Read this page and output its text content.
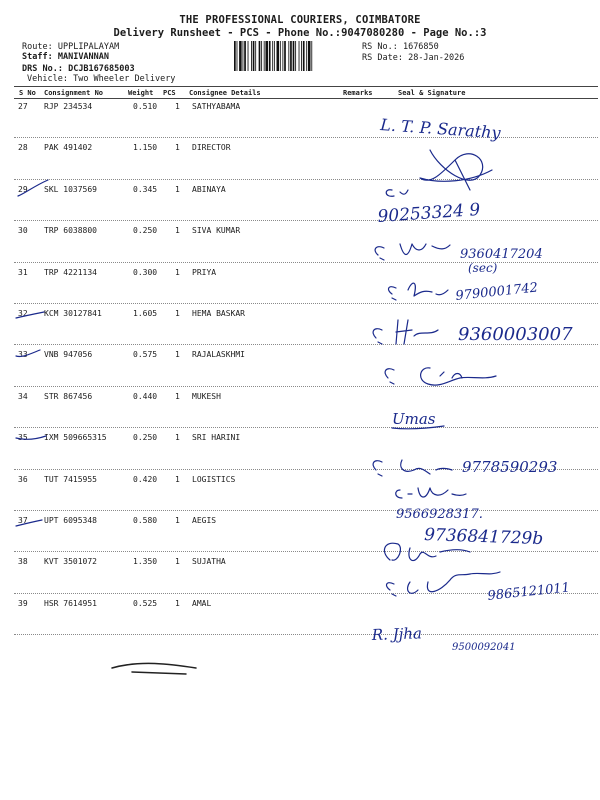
THE PROFESSIONAL COURIERS, COIMBATORE
Delivery Runsheet - PCS - Phone No.:9047080280 - Page No.:3
Route: UPPLIPALAYAM
Staff: MANIVANNAN
DRS No.: DCJB167685003
Vehicle: Two Wheeler Delivery
RS No.: 1676850
RS Date: 28-Jan-2026
S No Consignment No	Weight PCS Consignee Details	Remarks	Seal & Signature
27 RJP 234534	0.510 1 SATHYABAMA
28 PAK 491402	1.150 1 DIRECTOR
29 SKL 1037569	0.345 1 ABINAYA
30 TRP 6038800	0.250 1 SIVA KUMAR
31 TRP 4221134	0.300 1 PRIYA
32 KCM 30127841	1.605 1 HEMA BASKAR
33 VNB 947056	0.575 1 RAJALASKHMI
34 STR 867456	0.440 1 MUKESH
35 IXM 509665315	0.250 1 SRI HARINI
36 TUT 7415955	0.420 1 LOGISTICS
37 UPT 6095348	0.580 1 AEGIS
38 KVT 3501072	1.350 1 SUJATHA
39 HSR 7614951	0.525 1 AMAL
L. T. P. Sarathy
90253324 9
9360417204
(sec)
9790001742
9360003007
Umas
9778590293
9566928317.
9736841729b
9865121011
R. Jjha
9500092041
